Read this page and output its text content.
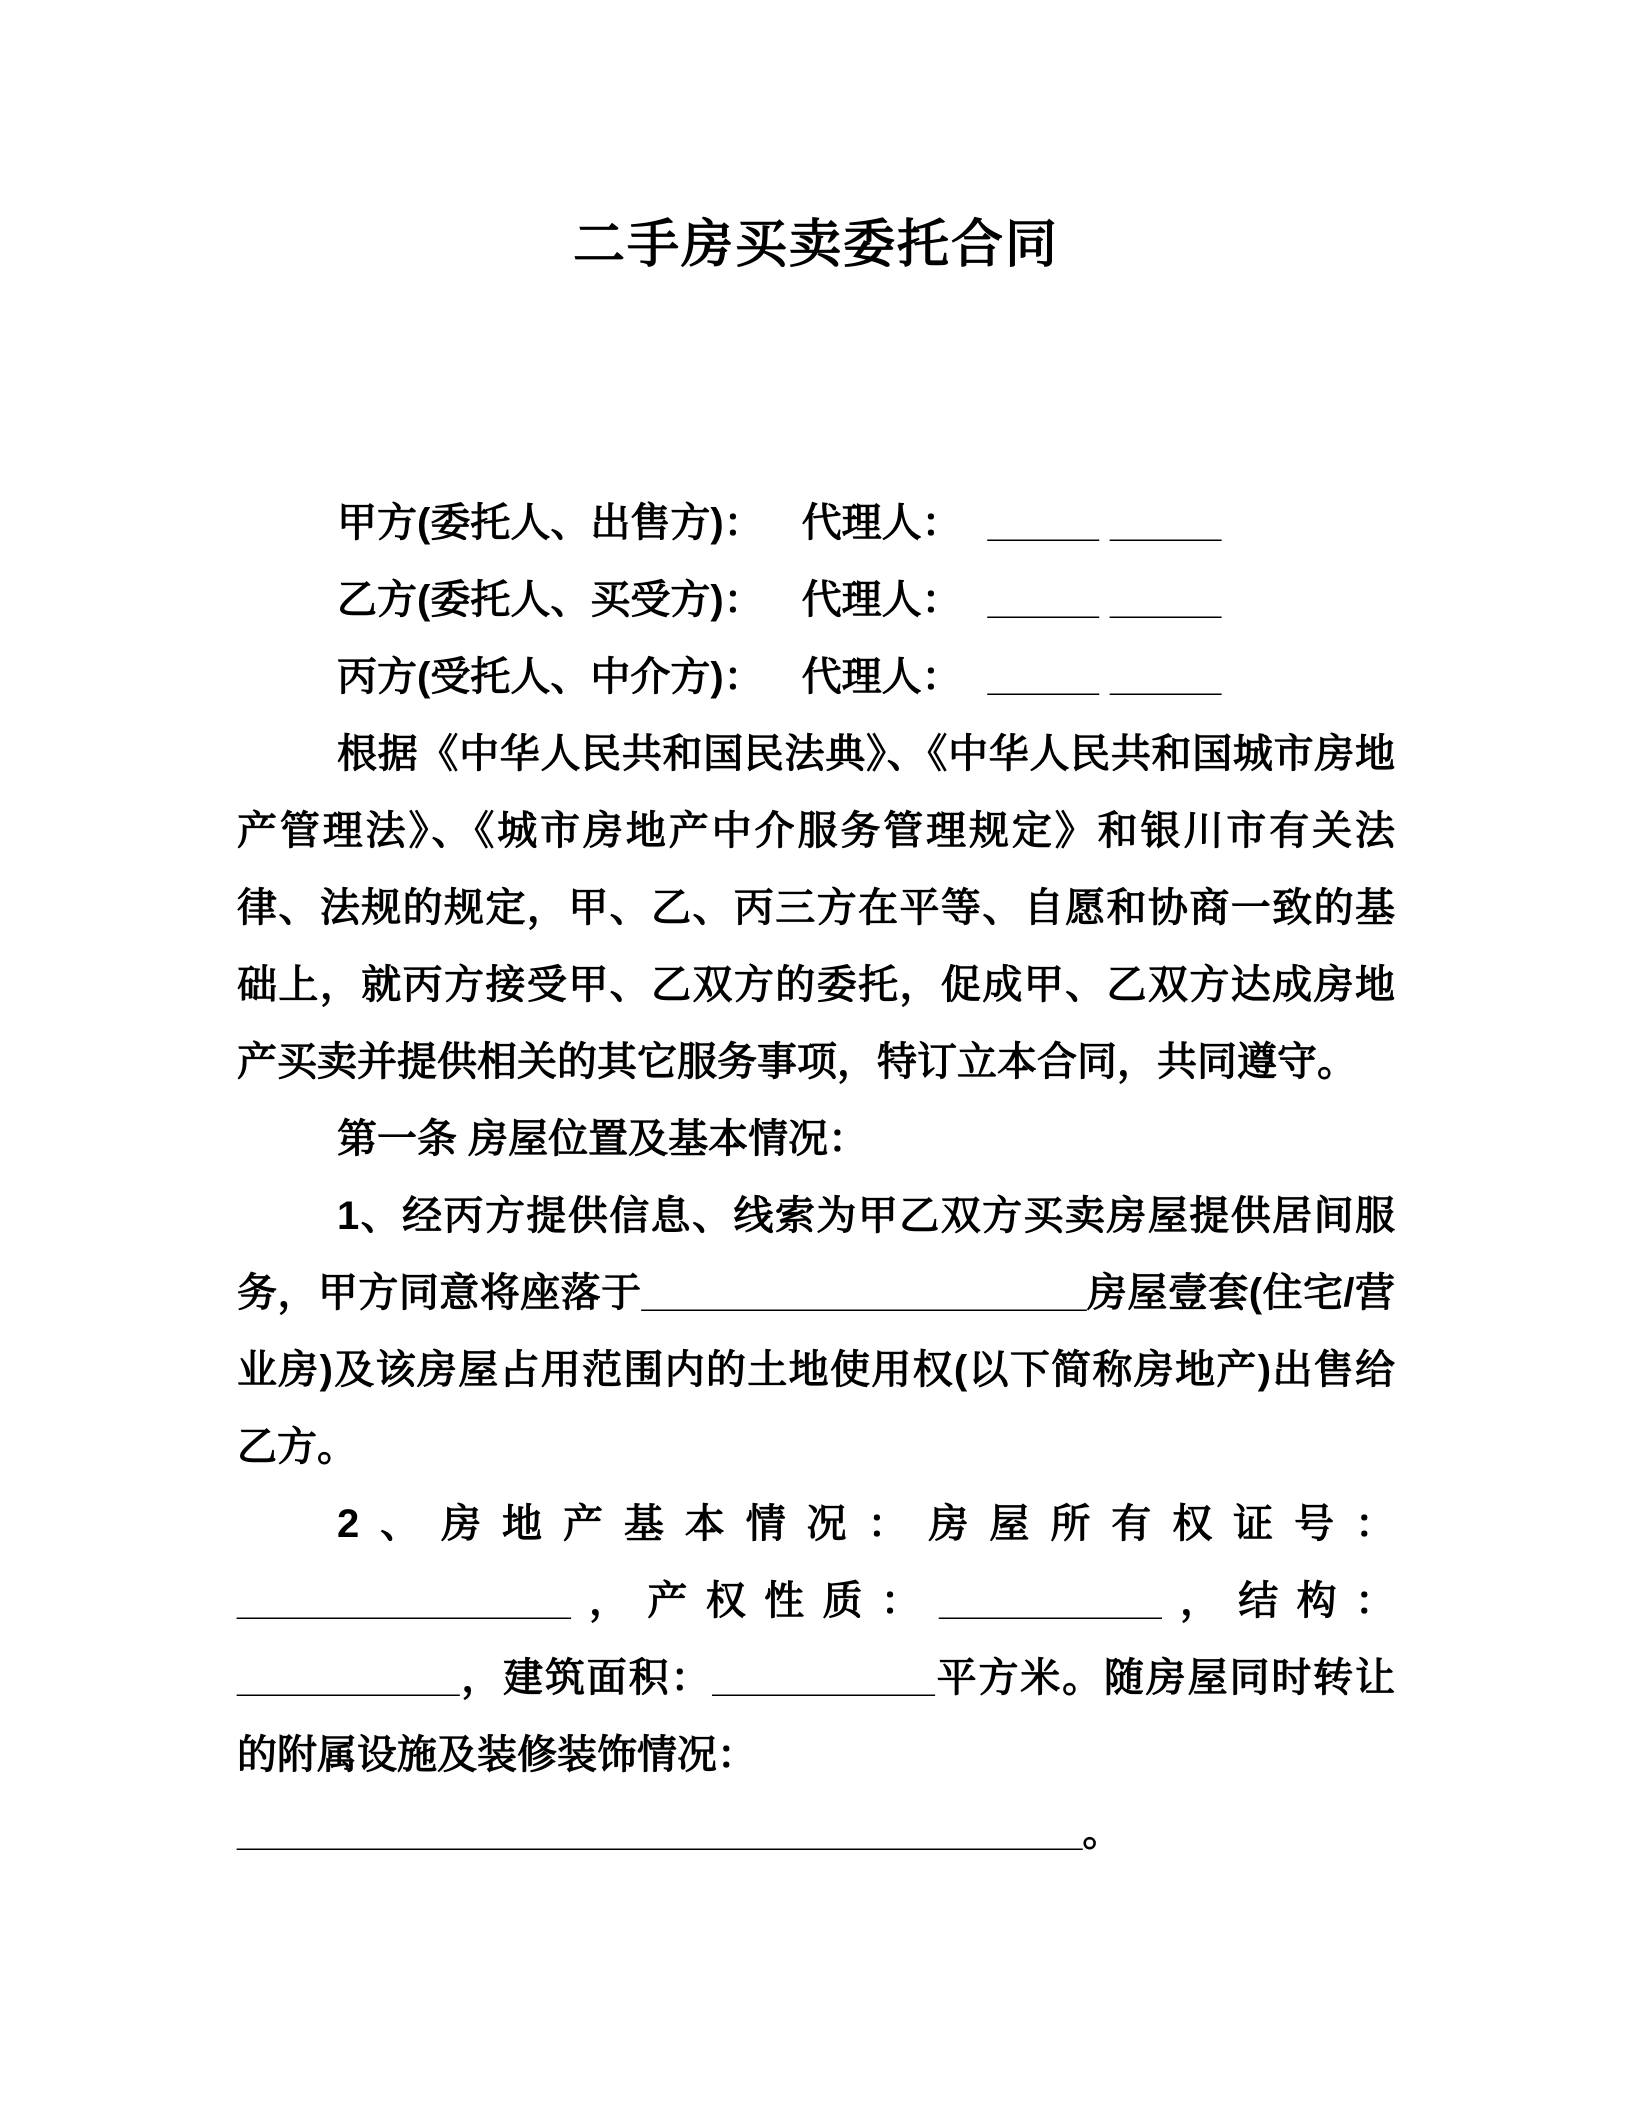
二手房买卖委托合同

甲方(委托人、出售方)： 代理人： _____ _____

乙方(委托人、买受方)： 代理人： _____ _____

丙方(受托人、中介方)： 代理人： _____ _____

根据《中华人民共和国民法典》、《中华人民共和国城市房地产管理法》、《城市房地产中介服务管理规定》和银川市有关法律、法规的规定，甲、乙、丙三方在平等、自愿和协商一致的基础上，就丙方接受甲、乙双方的委托，促成甲、乙双方达成房地产买卖并提供相关的其它服务事项，特订立本合同，共同遵守。

第一条 房屋位置及基本情况：

1、经丙方提供信息、线索为甲乙双方买卖房屋提供居间服务，甲方同意将座落于____________________房屋壹套(住宅/营业房)及该房屋占用范围内的土地使用权(以下简称房地产)出售给乙方。

2、房地产基本情况：房屋所有权证号：_______________，产权性质：__________，结构：__________，建筑面积：__________平方米。随房屋同时转让的附属设施及装修装饰情况：

______________________________________。
